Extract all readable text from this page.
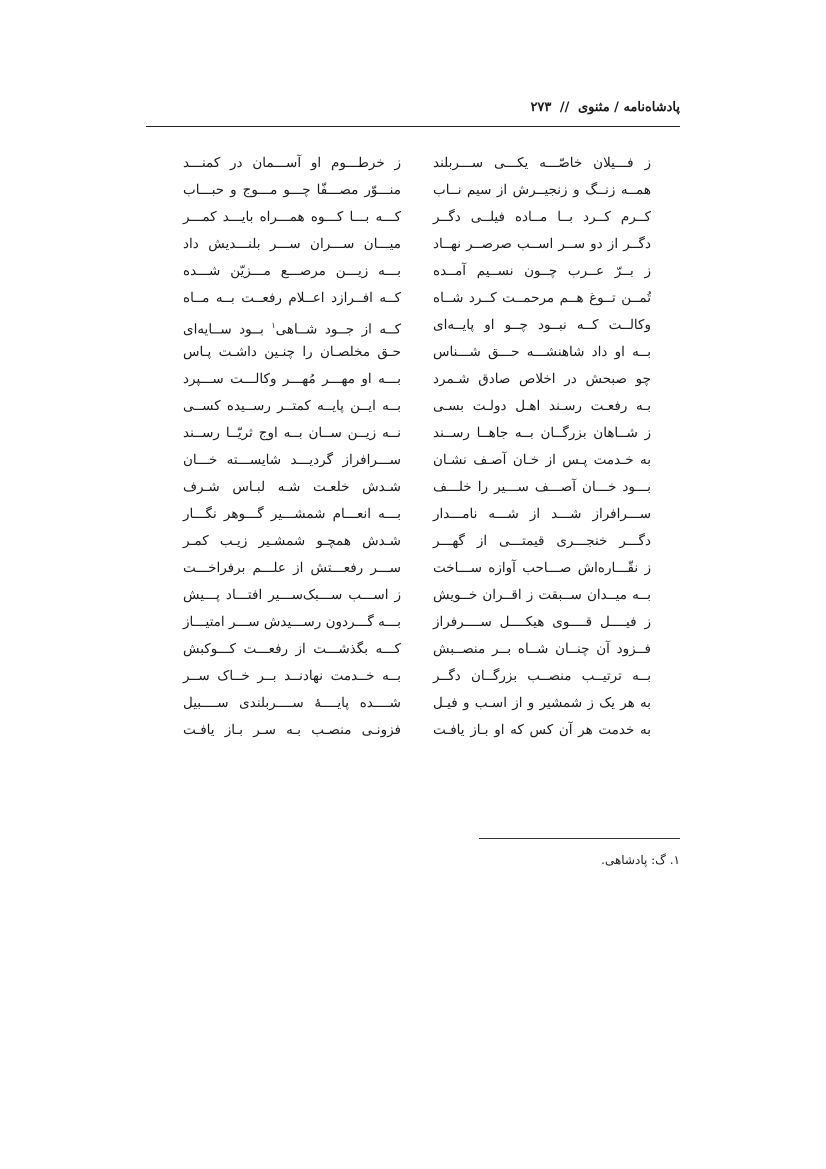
پادشاه‌نامه / مثنوی // ۲۷۳
ز فـــیلان خاصّـــه یکـــی ســـربلند
همــه زنــگ و زنجیــرش از سیم نــاب
کــرم کــرد بــا مــاده فیلــی دگــر
دگــر از دو ســر اســب صرصــر نهــاد
ز بــرّ عــرب چــون نســیم آمــده
تُمــن تــوغ هــم مرحمــت کــرد شــاه
وکالــت کــه نبــود چــو او پایــه‌ای
بــه او داد شاهنشـــه حـــق شـــناس
چو صبحش در اخلاص صادق شـمرد
بـه رفعـت رسـند اهـل دولـت بسـی
ز شــاهان بزرگــان بــه جاهــا رســند
به خـدمت پـس از خـان آصـف نشـان
بـــود خـــان آصـــف ســـیر را خلـــف
ســـرافراز شـــد از شـــه نامـــدار
دگـــر خنجـــری قیمتـــی از گهـــر
ز نقّـــاره‌اش صـــاحب آوازه ســـاخت
بــه میــدان ســبقت ز اقــران خــویش
ز فیــــل قــــوی هیکــــل ســــرفراز
فــزود آن چنــان شــاه بــر منصــبش
بــه ترتیــب منصــب بزرگــان دگــر
به هر یک ز شمشیر و از اسـب و فیـل
به خدمت هر آن کس که او بـاز یافـت
ز خرطـــوم او آســـمان در کمنـــد
منـــوّر مصـــفّا چـــو مـــوج و حبـــاب
کـــه بـــا کـــوه همـــراه بایـــد کمـــر
میـــان ســـران ســـر بلنـــدیش داد
بـــه زیـــن مرصـــع مـــزیّن شـــده
کــه افــرازد اعــلام رفعــت بــه مــاه
کــه از جــود شــاهی$^۱$ بــود ســایه‌ای
حـق مخلصـان را چنـین داشـت پـاس
بـــه او مهـــر مُهـــر وکالـــت ســـپرد
بــه ایــن پایــه کمتــر رســیده کســی
نــه زیــن ســان بــه اوج ثریّــا رســند
ســـرافراز گردیـــد شایســـته خـــان
شـدش خلعـت شـه لبـاس شـرف
بـــه انعـــام شمشـــیر گـــوهر نگـــار
شـدش همچـو شمشـیر زیـب کمـر
ســـر رفعـــتش از علـــم برفراخـــت
ز اســـب ســـبک‌ســـیر افتـــاد پـــیش
بـــه گـــردون رســـیدش ســـر امتیـــاز
کـــه بگذشـــت از رفعـــت کـــوکبش
بــه خــدمت نهادنــد بــر خــاک ســر
شــــده پایــــۀ ســــربلندی ســــبیل
فزونـی منصـب بـه سـر بـاز یافـت
۱. گ: پادشاهی.
